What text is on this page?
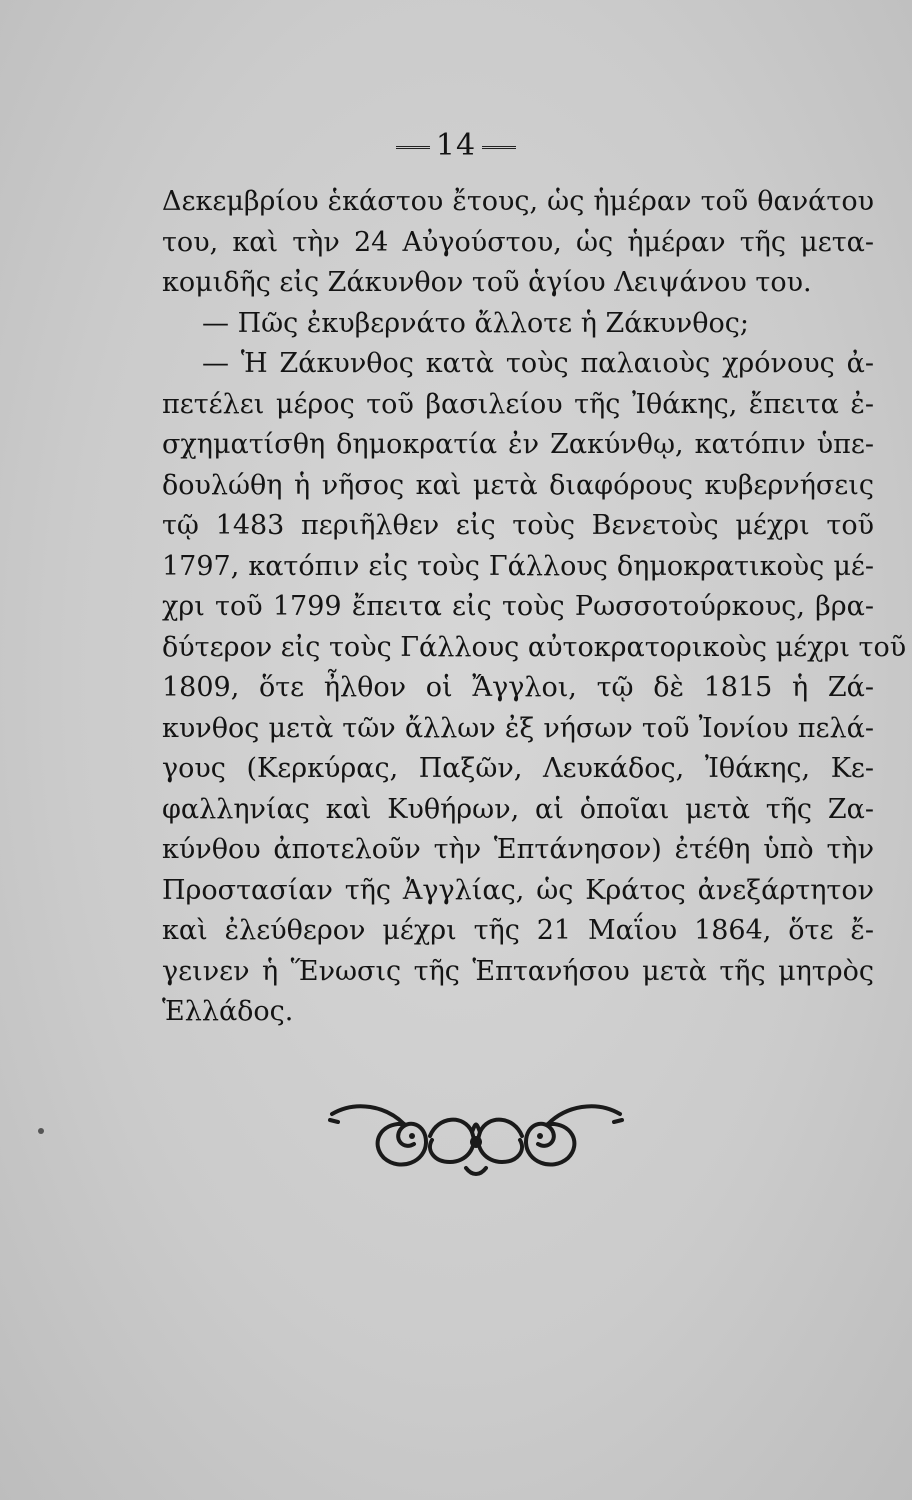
14
Δεκεμβρίου ἑκάστου ἔτους, ὡς ἡμέραν τοῦ θανάτου
του, καὶ τὴν 24 Αὐγούστου, ὡς ἡμέραν τῆς μετα-
κομιδῆς εἰς Ζάκυνθον τοῦ ἁγίου Λειψάνου του.
— Πῶς ἐκυβερνάτο ἄλλοτε ἡ Ζάκυνθος;
— Ἡ Ζάκυνθος κατὰ τοὺς παλαιοὺς χρόνους ἀ-
πετέλει μέρος τοῦ βασιλείου τῆς Ἰθάκης, ἔπειτα ἐ-
σχηματίσθη δημοκρατία ἐν Ζακύνθῳ, κατόπιν ὑπε-
δουλώθη ἡ νῆσος καὶ μετὰ διαφόρους κυβερνήσεις
τῷ 1483 περιῆλθεν εἰς τοὺς Βενετοὺς μέχρι τοῦ
1797, κατόπιν εἰς τοὺς Γάλλους δημοκρατικοὺς μέ-
χρι τοῦ 1799 ἔπειτα εἰς τοὺς Ρωσσοτούρκους, βρα-
δύτερον εἰς τοὺς Γάλλους αὐτοκρατορικοὺς μέχρι τοῦ
1809, ὅτε ἦλθον οἱ Ἄγγλοι, τῷ δὲ 1815 ἡ Ζά-
κυνθος μετὰ τῶν ἄλλων ἐξ νήσων τοῦ Ἰονίου πελά-
γους (Κερκύρας, Παξῶν, Λευκάδος, Ἰθάκης, Κε-
φαλληνίας καὶ Κυθήρων, αἱ ὁποῖαι μετὰ τῆς Ζα-
κύνθου ἀποτελοῦν τὴν Ἑπτάνησον) ἐτέθη ὑπὸ τὴν
Προστασίαν τῆς Ἀγγλίας, ὡς Κράτος ἀνεξάρτητον
καὶ ἐλεύθερον μέχρι τῆς 21 Μαΐου 1864, ὅτε ἔ-
γεινεν ἡ Ἕνωσις τῆς Ἑπτανήσου μετὰ τῆς μητρὸς
Ἑλλάδος.
